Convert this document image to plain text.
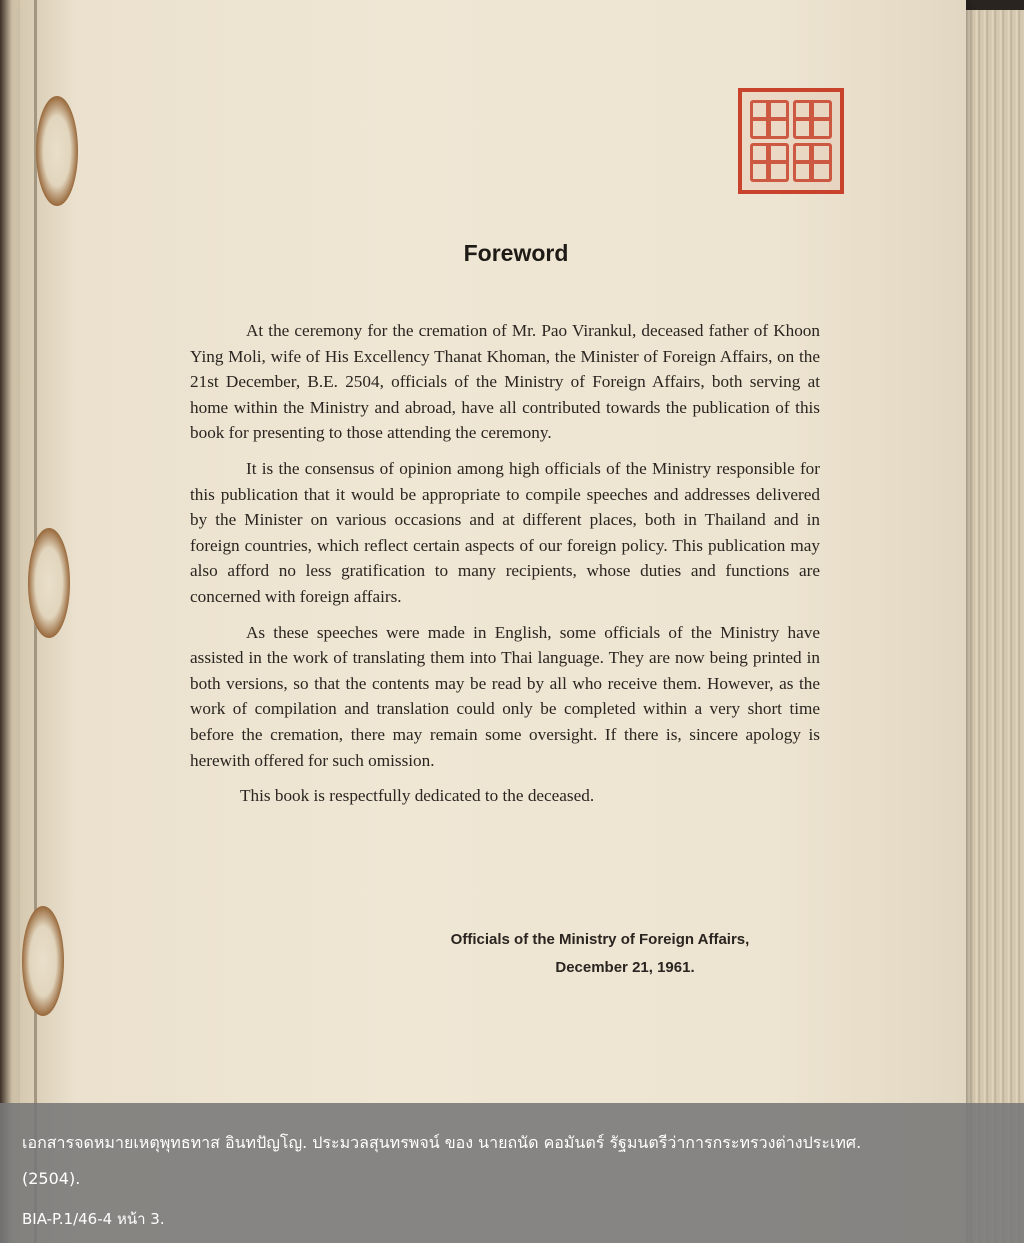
Foreword

At the ceremony for the cremation of Mr. Pao Virankul, deceased father of Khoon Ying Moli, wife of His Excellency Thanat Khoman, the Minister of Foreign Affairs, on the 21st December, B.E. 2504, officials of the Ministry of Foreign Affairs, both serving at home within the Ministry and abroad, have all contributed towards the publication of this book for presenting to those attending the ceremony.

It is the consensus of opinion among high officials of the Ministry responsible for this publication that it would be appropriate to compile speeches and addresses delivered by the Minister on various occasions and at different places, both in Thailand and in foreign countries, which reflect certain aspects of our foreign policy. This publication may also afford no less gratification to many recipients, whose duties and functions are concerned with foreign affairs.

As these speeches were made in English, some officials of the Ministry have assisted in the work of translating them into Thai language. They are now being printed in both versions, so that the contents may be read by all who receive them. However, as the work of compilation and translation could only be completed within a very short time before the cremation, there may remain some oversight. If there is, sincere apology is herewith offered for such omission.

This book is respectfully dedicated to the deceased.

Officials of the Ministry of Foreign Affairs,
December 21, 1961.
เอกสารจดหมายเหตุพุทธทาส อินทปัญโญ. ประมวลสุนทรพจน์ ของ นายถนัด คอมันตร์ รัฐมนตรีว่าการกระทรวงต่างประเทศ.
(2504).
BIA-P.1/46-4 หน้า 3.
